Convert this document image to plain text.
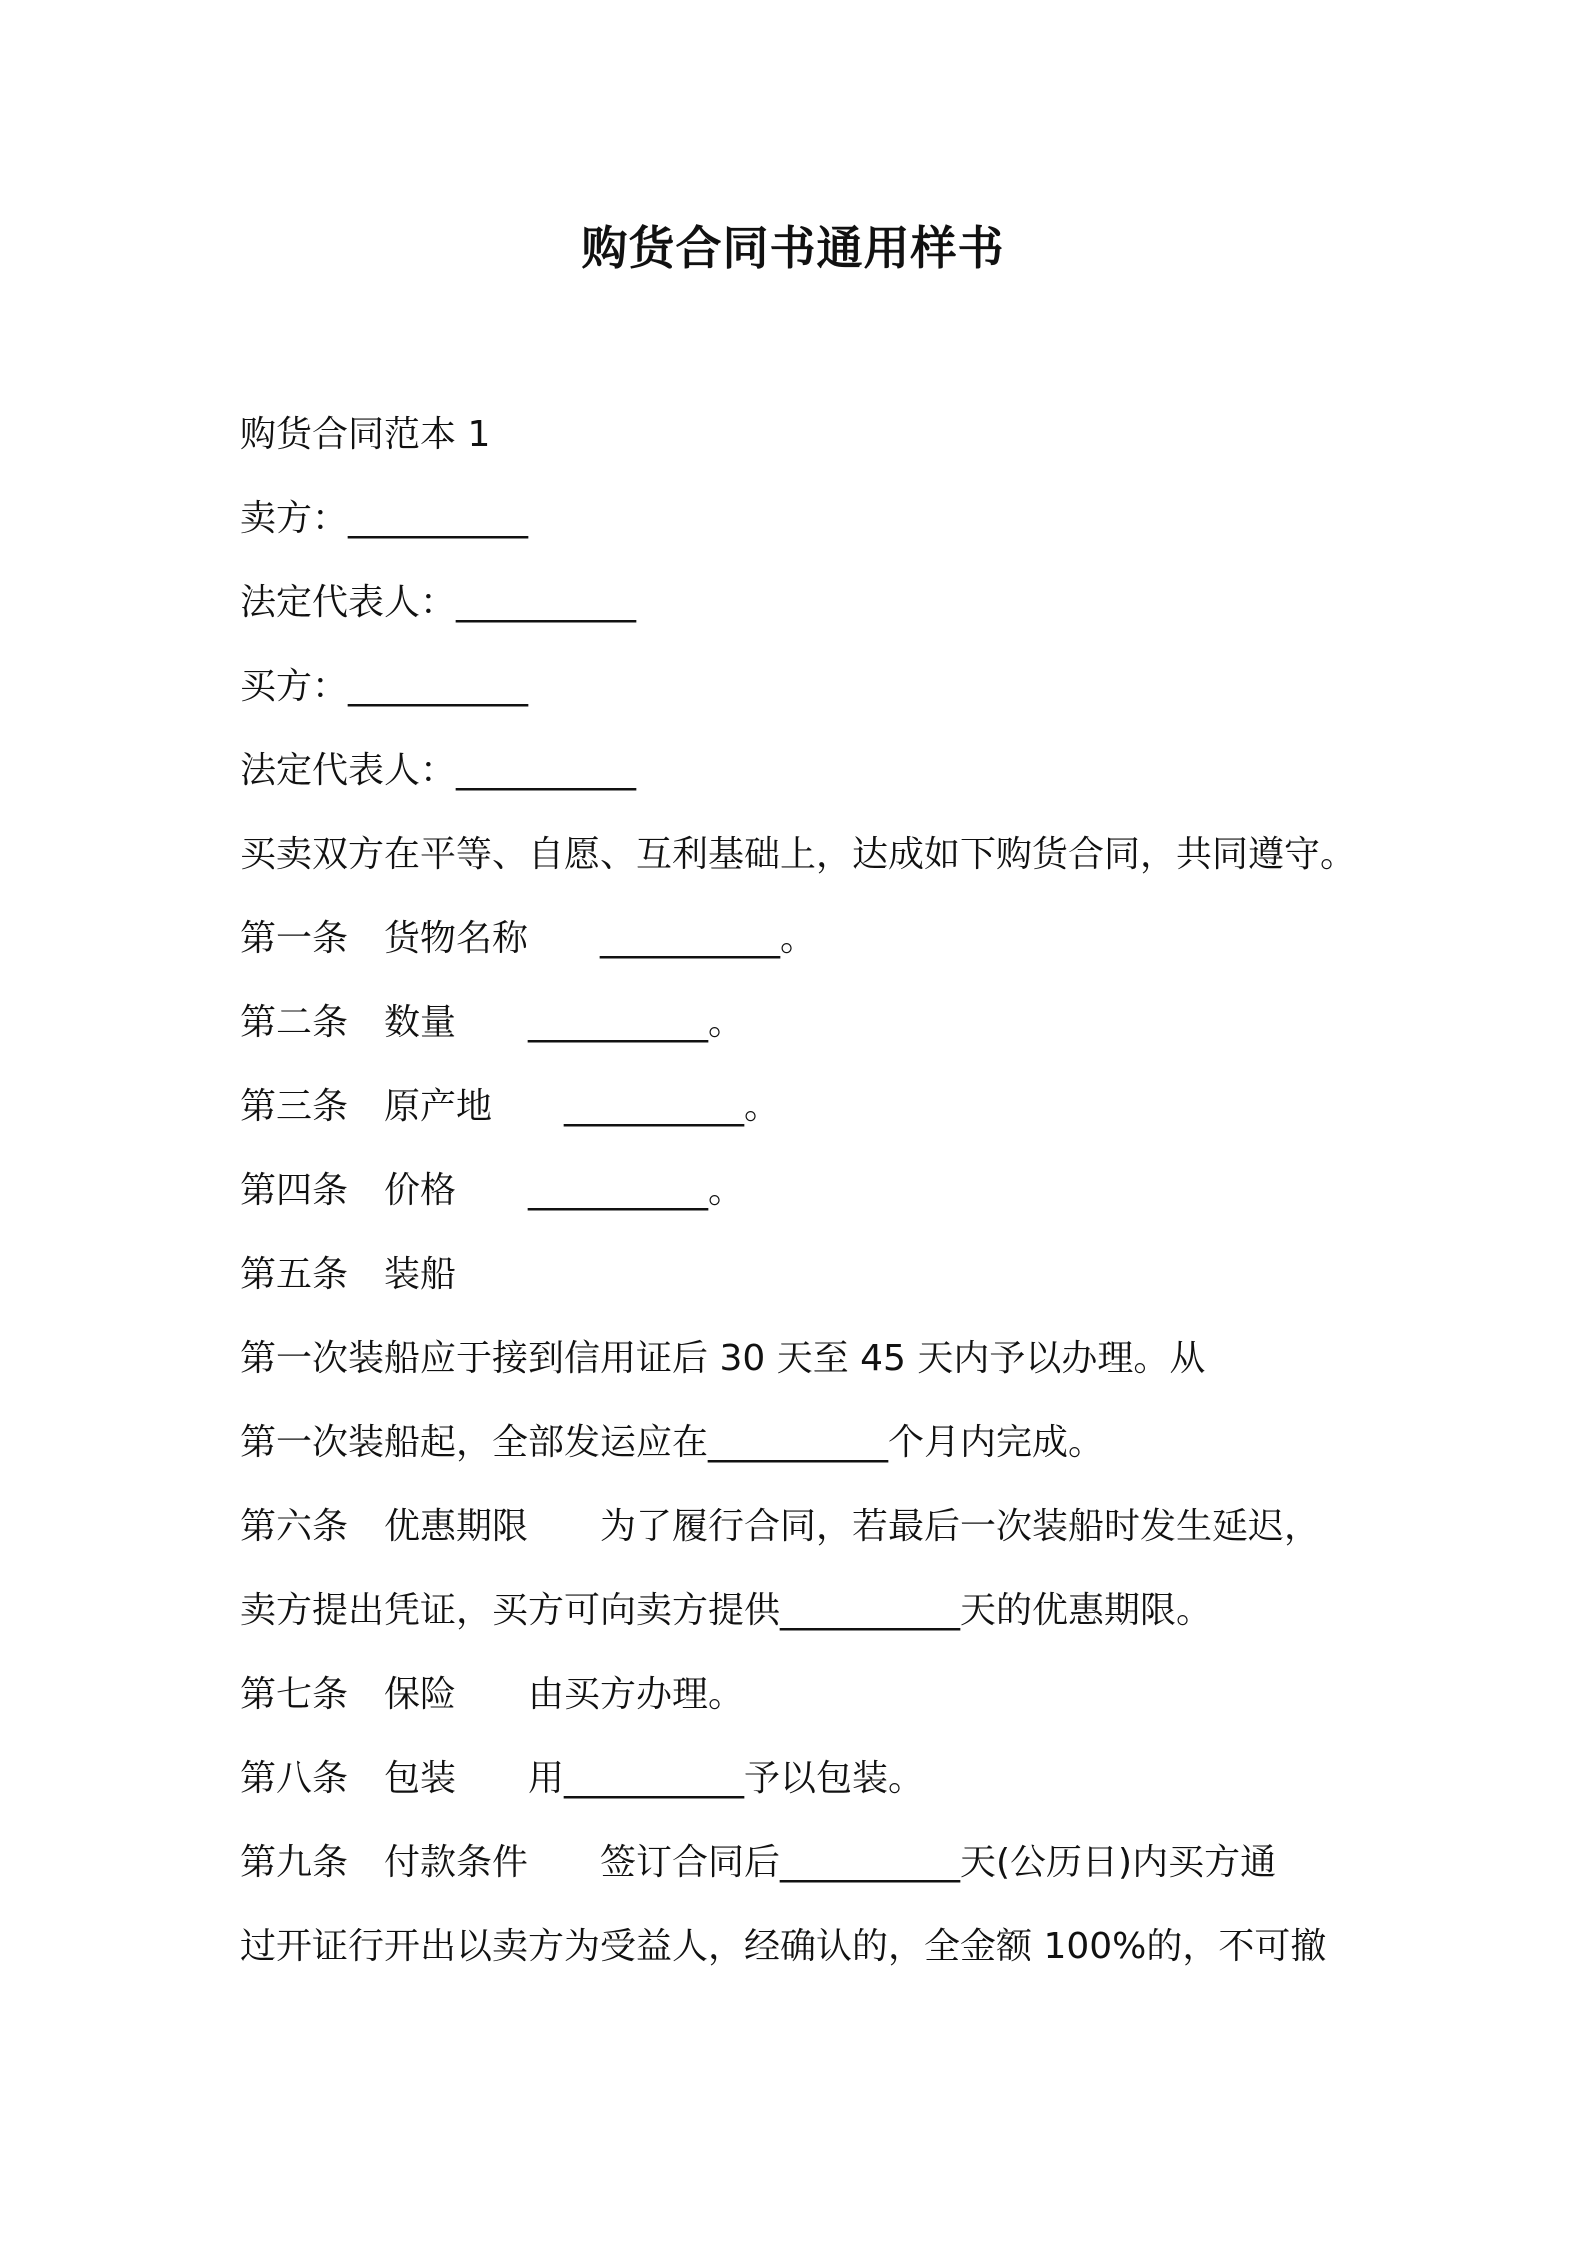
购货合同书通用样书
购货合同范本 1
卖方：__________
法定代表人：__________
买方：__________
法定代表人：__________
买卖双方在平等、自愿、互利基础上，达成如下购货合同，共同遵守。
第一条　货物名称　　__________。
第二条　数量　　__________。
第三条　原产地　　__________。
第四条　价格　　__________。
第五条　装船
第一次装船应于接到信用证后 30 天至 45 天内予以办理。从
第一次装船起，全部发运应在__________个月内完成。
第六条　优惠期限　　为了履行合同，若最后一次装船时发生延迟，
卖方提出凭证，买方可向卖方提供__________天的优惠期限。
第七条　保险　　由买方办理。
第八条　包装　　用__________予以包装。
第九条　付款条件　　签订合同后__________天(公历日)内买方通
过开证行开出以卖方为受益人，经确认的，全金额 100%的，不可撤
